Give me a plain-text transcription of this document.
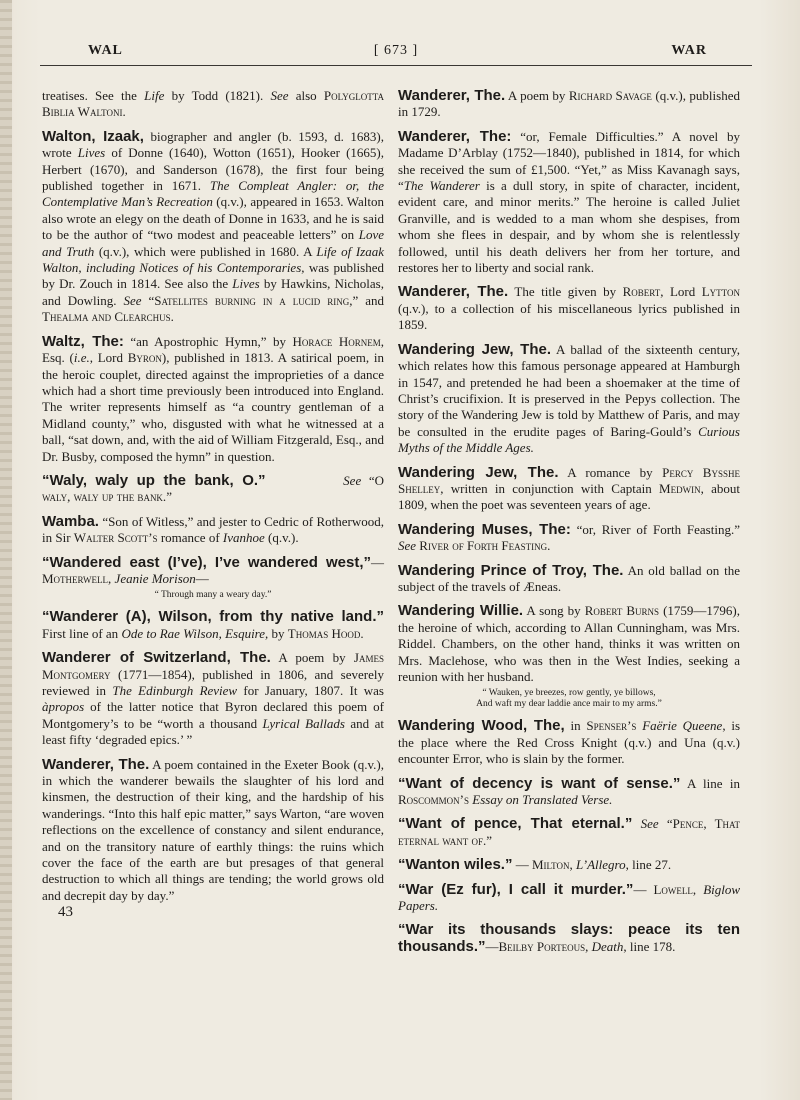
WAL	[ 673 ]	WAR

treatises. See the Life by Todd (1821). See also Polyglotta Biblia Waltoni.

Walton, Izaak, biographer and angler (b. 1593, d. 1683), wrote Lives of Donne (1640), Wotton (1651), Hooker (1665), Herbert (1670), and Sanderson (1678), the first four being published together in 1671. The Compleat Angler: or, the Contemplative Man’s Recreation (q.v.), appeared in 1653. Walton also wrote an elegy on the death of Donne in 1633, and he is said to be the author of “two modest and peaceable letters” on Love and Truth (q.v.), which were published in 1680. A Life of Izaak Walton, including Notices of his Contemporaries, was published by Dr. Zouch in 1814. See also the Lives by Hawkins, Nicholas, and Dowling. See “Satellites burning in a lucid ring,” and Thealma and Clearchus.

Waltz, The: “an Apostrophic Hymn,” by Horace Hornem, Esq. (i.e., Lord Byron), published in 1813. A satirical poem, in the heroic couplet, directed against the improprieties of a dance which had a short time previously been introduced into England. The writer represents himself as “a country gentleman of a Midland county,” who, disgusted with what he witnessed at a ball, “sat down, and, with the aid of William Fitzgerald, Esq., and Dr. Busby, composed the hymn” in question.

“Waly, waly up the bank, O.”	See “O waly, waly up the bank.”

Wamba. “Son of Witless,” and jester to Cedric of Rotherwood, in Sir Walter Scott’s romance of Ivanhoe (q.v.).

“Wandered east (I’ve), I’ve wandered west,”—Motherwell, Jeanie Morison—
“ Through many a weary day.”

“Wanderer (A), Wilson, from thy native land.” First line of an Ode to Rae Wilson, Esquire, by Thomas Hood.

Wanderer of Switzerland, The. A poem by James Montgomery (1771—1854), published in 1806, and severely reviewed in The Edinburgh Review for January, 1807. It was àpropos of the latter notice that Byron declared this poem of Montgomery’s to be “worth a thousand Lyrical Ballads and at least fifty ‘degraded epics.’ ”

Wanderer, The. A poem contained in the Exeter Book (q.v.), in which the wanderer bewails the slaughter of his lord and kinsmen, the destruction of their king, and the hardship of his wanderings. “Into this half epic matter,” says Warton, “are woven reflections on the excellence of constancy and silent endurance, and on the transitory nature of earthly things: the ruins which cover the face of the earth are but presages of that general destruction to which all things are tending; the world grows old and decrepit day by day.”
43

Wanderer, The. A poem by Richard Savage (q.v.), published in 1729.

Wanderer, The: “or, Female Difficulties.” A novel by Madame D’Arblay (1752—1840), published in 1814, for which she received the sum of £1,500. “Yet,” as Miss Kavanagh says, “The Wanderer is a dull story, in spite of character, incident, evident care, and minor merits.” The heroine is called Juliet Granville, and is wedded to a man whom she despises, from whom she flees in despair, and by whom she is relentlessly followed, until his death delivers her from her torture, and restores her to liberty and social rank.

Wanderer, The. The title given by Robert, Lord Lytton (q.v.), to a collection of his miscellaneous lyrics published in 1859.

Wandering Jew, The. A ballad of the sixteenth century, which relates how this famous personage appeared at Hamburgh in 1547, and pretended he had been a shoemaker at the time of Christ’s crucifixion. It is preserved in the Pepys collection. The story of the Wandering Jew is told by Matthew of Paris, and may be consulted in the erudite pages of Baring-Gould’s Curious Myths of the Middle Ages.

Wandering Jew, The. A romance by Percy Bysshe Shelley, written in conjunction with Captain Medwin, about 1809, when the poet was seventeen years of age.

Wandering Muses, The: “or, River of Forth Feasting.” See River of Forth Feasting.

Wandering Prince of Troy, The. An old ballad on the subject of the travels of Æneas.

Wandering Willie. A song by Robert Burns (1759—1796), the heroine of which, according to Allan Cunningham, was Mrs. Riddel. Chambers, on the other hand, thinks it was written on Mrs. Maclehose, who was then in the West Indies, seeking a reunion with her husband.
“ Wauken, ye breezes, row gently, ye billows,
And waft my dear laddie ance mair to my arms.”

Wandering Wood, The, in Spenser’s Faërie Queene, is the place where the Red Cross Knight (q.v.) and Una (q.v.) encounter Error, who is slain by the former.

“Want of decency is want of sense.” A line in Roscommon’s Essay on Translated Verse.

“Want of pence, That eternal.” See “Pence, That eternal want of.”

“Wanton wiles.” — Milton, L’Allegro, line 27.

“War (Ez fur), I call it murder.”— Lowell, Biglow Papers.

“War its thousands slays: peace its ten thousands.”—Beilby Porteous, Death, line 178.
